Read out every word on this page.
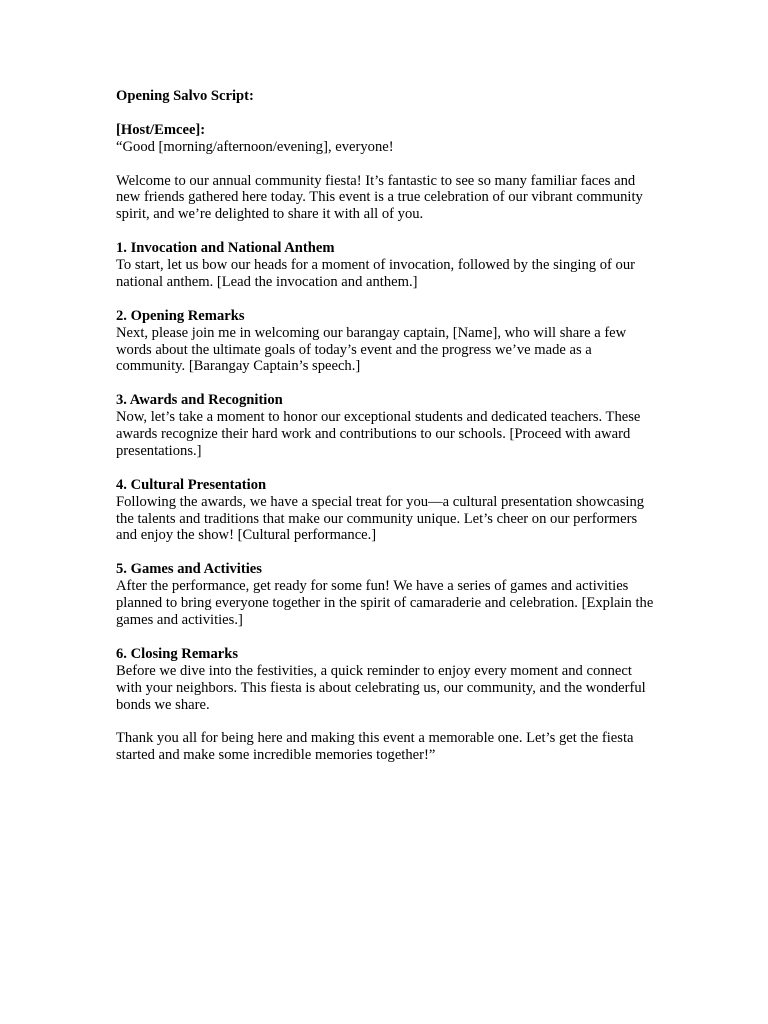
Opening Salvo Script:
[Host/Emcee]:
“Good [morning/afternoon/evening], everyone!
Welcome to our annual community fiesta! It’s fantastic to see so many familiar faces and new friends gathered here today. This event is a true celebration of our vibrant community spirit, and we’re delighted to share it with all of you.
1. Invocation and National Anthem
To start, let us bow our heads for a moment of invocation, followed by the singing of our national anthem. [Lead the invocation and anthem.]
2. Opening Remarks
Next, please join me in welcoming our barangay captain, [Name], who will share a few words about the ultimate goals of today’s event and the progress we’ve made as a community. [Barangay Captain’s speech.]
3. Awards and Recognition
Now, let’s take a moment to honor our exceptional students and dedicated teachers. These awards recognize their hard work and contributions to our schools. [Proceed with award presentations.]
4. Cultural Presentation
Following the awards, we have a special treat for you—a cultural presentation showcasing the talents and traditions that make our community unique. Let’s cheer on our performers and enjoy the show! [Cultural performance.]
5. Games and Activities
After the performance, get ready for some fun! We have a series of games and activities planned to bring everyone together in the spirit of camaraderie and celebration. [Explain the games and activities.]
6. Closing Remarks
Before we dive into the festivities, a quick reminder to enjoy every moment and connect with your neighbors. This fiesta is about celebrating us, our community, and the wonderful bonds we share.
Thank you all for being here and making this event a memorable one. Let’s get the fiesta started and make some incredible memories together!”
